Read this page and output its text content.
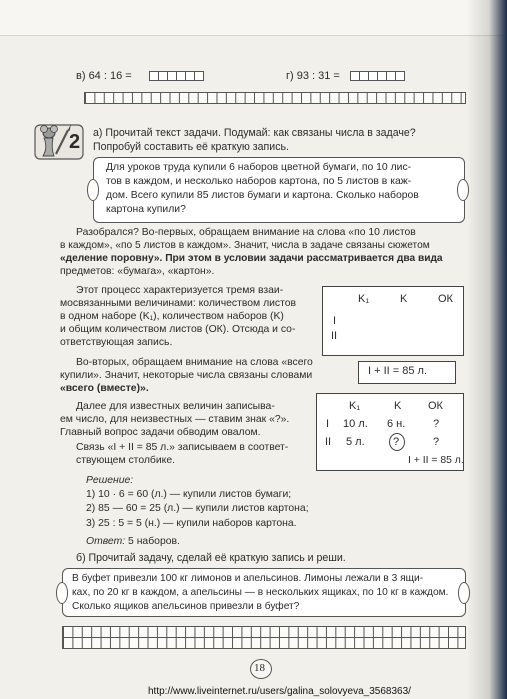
в) 64 : 16 =	г) 93 : 31 =
2 а) Прочитай текст задачи. Подумай: как связаны числа в задаче?
Попробуй составить её краткую запись.
Для уроков труда купили 6 наборов цветной бумаги, по 10 лис-
тов в каждом, и несколько наборов картона, по 5 листов в каж-
дом. Всего купили 85 листов бумаги и картона. Сколько наборов
картона купили?
Разобрался? Во-первых, обращаем внимание на слова «по 10 листов
в каждом», «по 5 листов в каждом». Значит, числа в задаче связаны сюжетом
«деление поровну». При этом в условии задачи рассматривается два вида
предметов: «бумага», «картон».
Этот процесс характеризуется тремя взаи-
мосвязанными величинами: количеством листов
в одном наборе (K₁), количеством наборов (K)
и общим количеством листов (ОК). Отсюда и со-
ответствующая запись.
K₁	K	ОК
I
II
Во-вторых, обращаем внимание на слова «всего
купили». Значит, некоторые числа связаны словами
«всего (вместе)».
I + II = 85 л.
Далее для известных величин записыва-
ем число, для неизвестных — ставим знак «?».
Главный вопрос задачи обводим овалом.
Связь «I + II = 85 л.» записываем в соответ-
ствующем столбике.
K₁	K ОК
I 10 л. 6 н.	?
II 5 л.	?	?
I + II = 85 л.
Решение:
1) 10 · 6 = 60 (л.) — купили листов бумаги;
2) 85 — 60 = 25 (л.) — купили листов картона;
3) 25 : 5 = 5 (н.) — купили наборов картона.
Ответ: 5 наборов.
б) Прочитай задачу, сделай её краткую запись и реши.
В буфет привезли 100 кг лимонов и апельсинов. Лимоны лежали в 3 ящи-
ках, по 20 кг в каждом, а апельсины — в нескольких ящиках, по 10 кг в каждом.
Сколько ящиков апельсинов привезли в буфет?
18
http://www.liveinternet.ru/users/galina_solovyeva_3568363/
